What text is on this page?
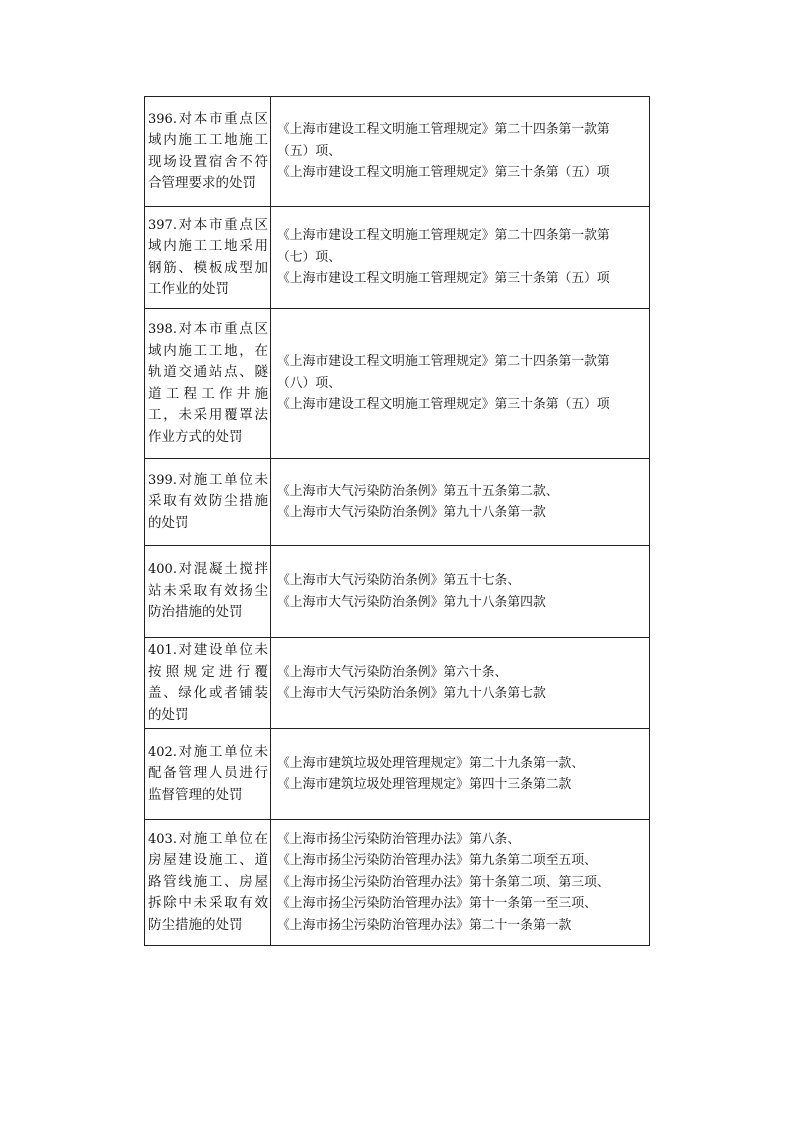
396.对本市重点区域内施工工地施工现场设置宿舍不符合管理要求的处罚	《上海市建设工程文明施工管理规定》第二十四条第一款第
（五）项、
《上海市建设工程文明施工管理规定》第三十条第（五）项

397.对本市重点区域内施工工地采用钢筋、模板成型加工作业的处罚	《上海市建设工程文明施工管理规定》第二十四条第一款第
（七）项、
《上海市建设工程文明施工管理规定》第三十条第（五）项

398.对本市重点区域内施工工地，在轨道交通站点、隧道工程工作井施工，未采用覆罩法作业方式的处罚	《上海市建设工程文明施工管理规定》第二十四条第一款第
（八）项、
《上海市建设工程文明施工管理规定》第三十条第（五）项

399.对施工单位未采取有效防尘措施的处罚	《上海市大气污染防治条例》第五十五条第二款、
《上海市大气污染防治条例》第九十八条第一款

400.对混凝土搅拌站未采取有效扬尘防治措施的处罚	《上海市大气污染防治条例》第五十七条、
《上海市大气污染防治条例》第九十八条第四款

401.对建设单位未按照规定进行覆盖、绿化或者铺装的处罚	《上海市大气污染防治条例》第六十条、
《上海市大气污染防治条例》第九十八条第七款

402.对施工单位未配备管理人员进行监督管理的处罚	《上海市建筑垃圾处理管理规定》第二十九条第一款、
《上海市建筑垃圾处理管理规定》第四十三条第二款

403.对施工单位在房屋建设施工、道路管线施工、房屋拆除中未采取有效防尘措施的处罚	《上海市扬尘污染防治管理办法》第八条、
《上海市扬尘污染防治管理办法》第九条第二项至五项、
《上海市扬尘污染防治管理办法》第十条第二项、第三项、
《上海市扬尘污染防治管理办法》第十一条第一至三项、
《上海市扬尘污染防治管理办法》第二十一条第一款
